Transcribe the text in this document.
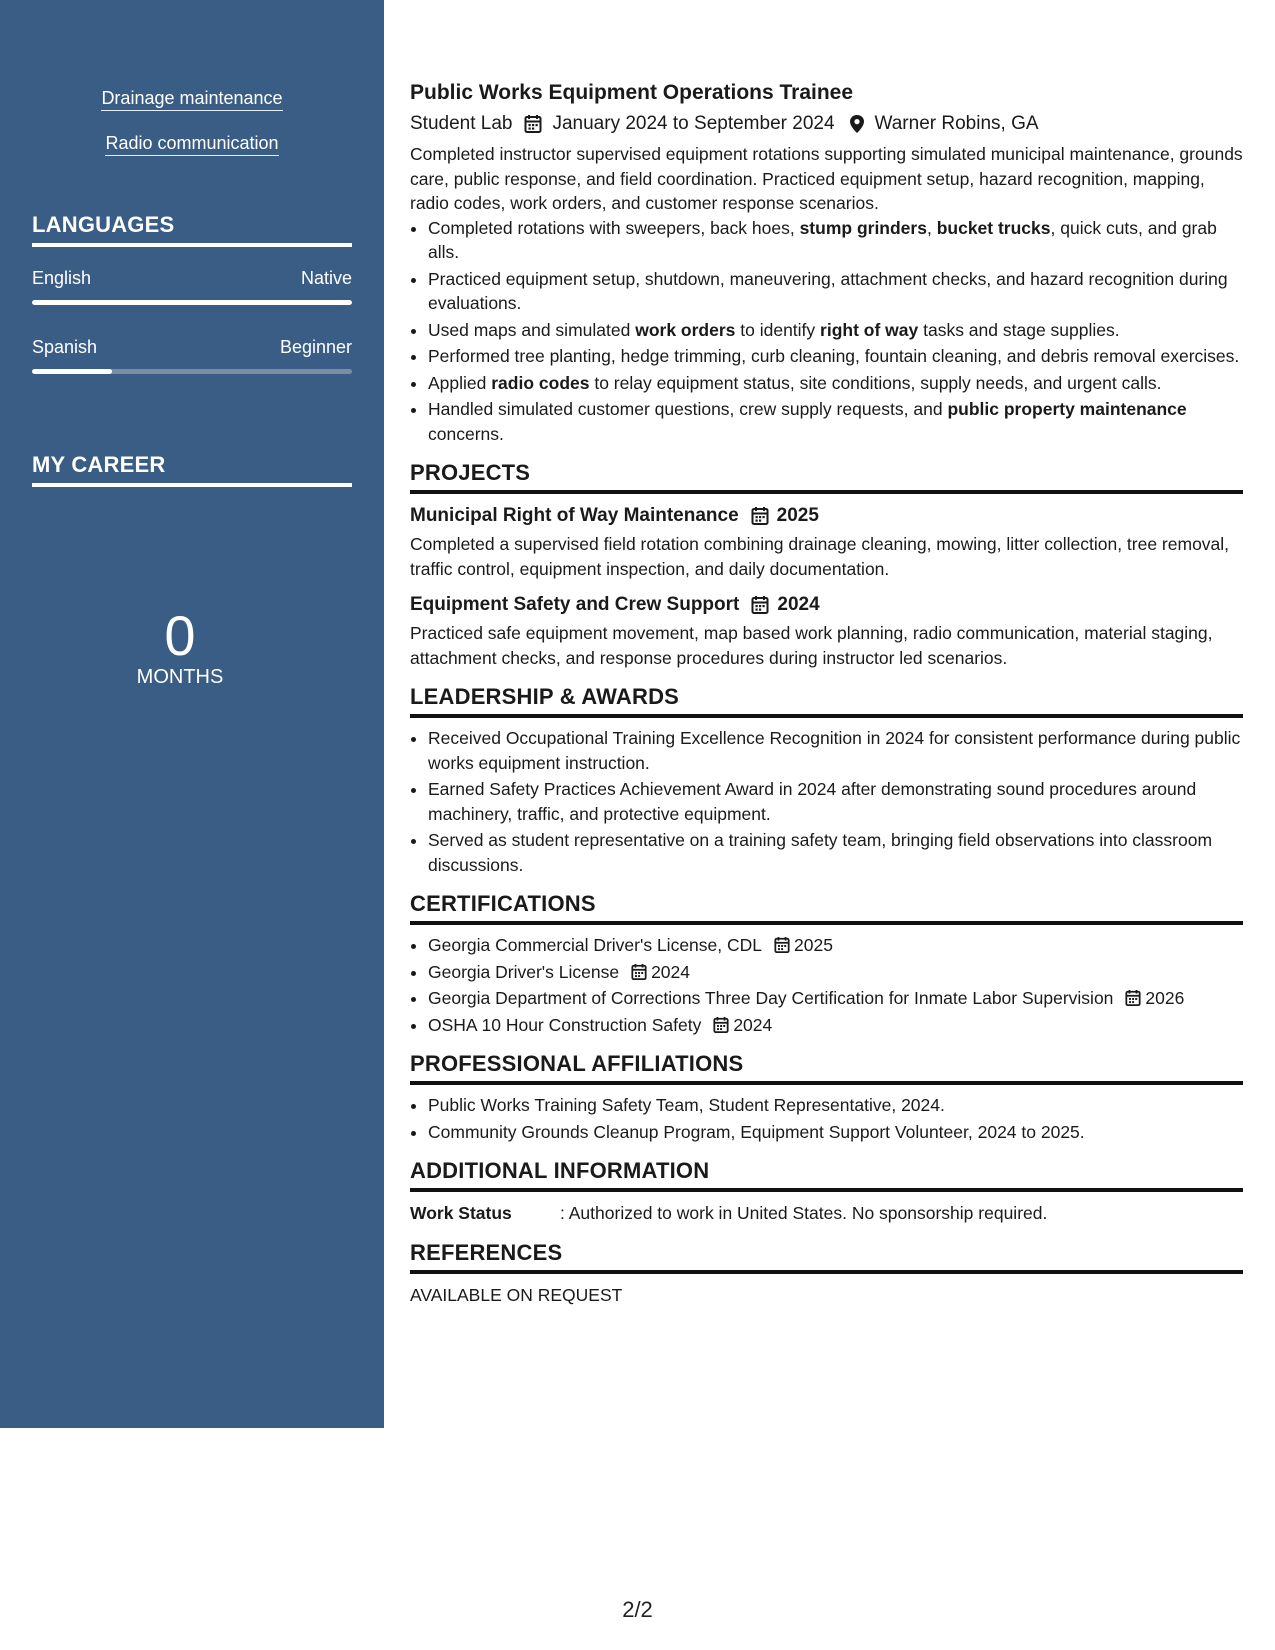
Drainage maintenance
Radio communication
LANGUAGES
English	Native
Spanish	Beginner
MY CAREER
0
MONTHS
Public Works Equipment Operations Trainee
Student Lab January 2024 to September 2024 Warner Robins, GA

Completed instructor supervised equipment rotations supporting simulated municipal maintenance, grounds care, public response, and field coordination. Practiced equipment setup, hazard recognition, mapping, radio codes, work orders, and customer response scenarios.

• Completed rotations with sweepers, back hoes, stump grinders, bucket trucks, quick cuts, and grab alls.
• Practiced equipment setup, shutdown, maneuvering, attachment checks, and hazard recognition during evaluations.
• Used maps and simulated work orders to identify right of way tasks and stage supplies.
• Performed tree planting, hedge trimming, curb cleaning, fountain cleaning, and debris removal exercises.
• Applied radio codes to relay equipment status, site conditions, supply needs, and urgent calls.
• Handled simulated customer questions, crew supply requests, and public property maintenance concerns.
PROJECTS
Municipal Right of Way Maintenance 2025

Completed a supervised field rotation combining drainage cleaning, mowing, litter collection, tree removal, traffic control, equipment inspection, and daily documentation.

Equipment Safety and Crew Support 2024

Practiced safe equipment movement, map based work planning, radio communication, material staging, attachment checks, and response procedures during instructor led scenarios.

LEADERSHIP & AWARDS
• Received Occupational Training Excellence Recognition in 2024 for consistent performance during public works equipment instruction.
• Earned Safety Practices Achievement Award in 2024 after demonstrating sound procedures around machinery, traffic, and protective equipment.
• Served as student representative on a training safety team, bringing field observations into classroom discussions.
CERTIFICATIONS
• Georgia Commercial Driver's License, CDL 2025
• Georgia Driver's License 2024
• Georgia Department of Corrections Three Day Certification for Inmate Labor Supervision 2026
• OSHA 10 Hour Construction Safety 2024
PROFESSIONAL AFFILIATIONS
• Public Works Training Safety Team, Student Representative, 2024.
• Community Grounds Cleanup Program, Equipment Support Volunteer, 2024 to 2025.
ADDITIONAL INFORMATION
Work Status	: Authorized to work in United States. No sponsorship required.
REFERENCES
AVAILABLE ON REQUEST
2/2
